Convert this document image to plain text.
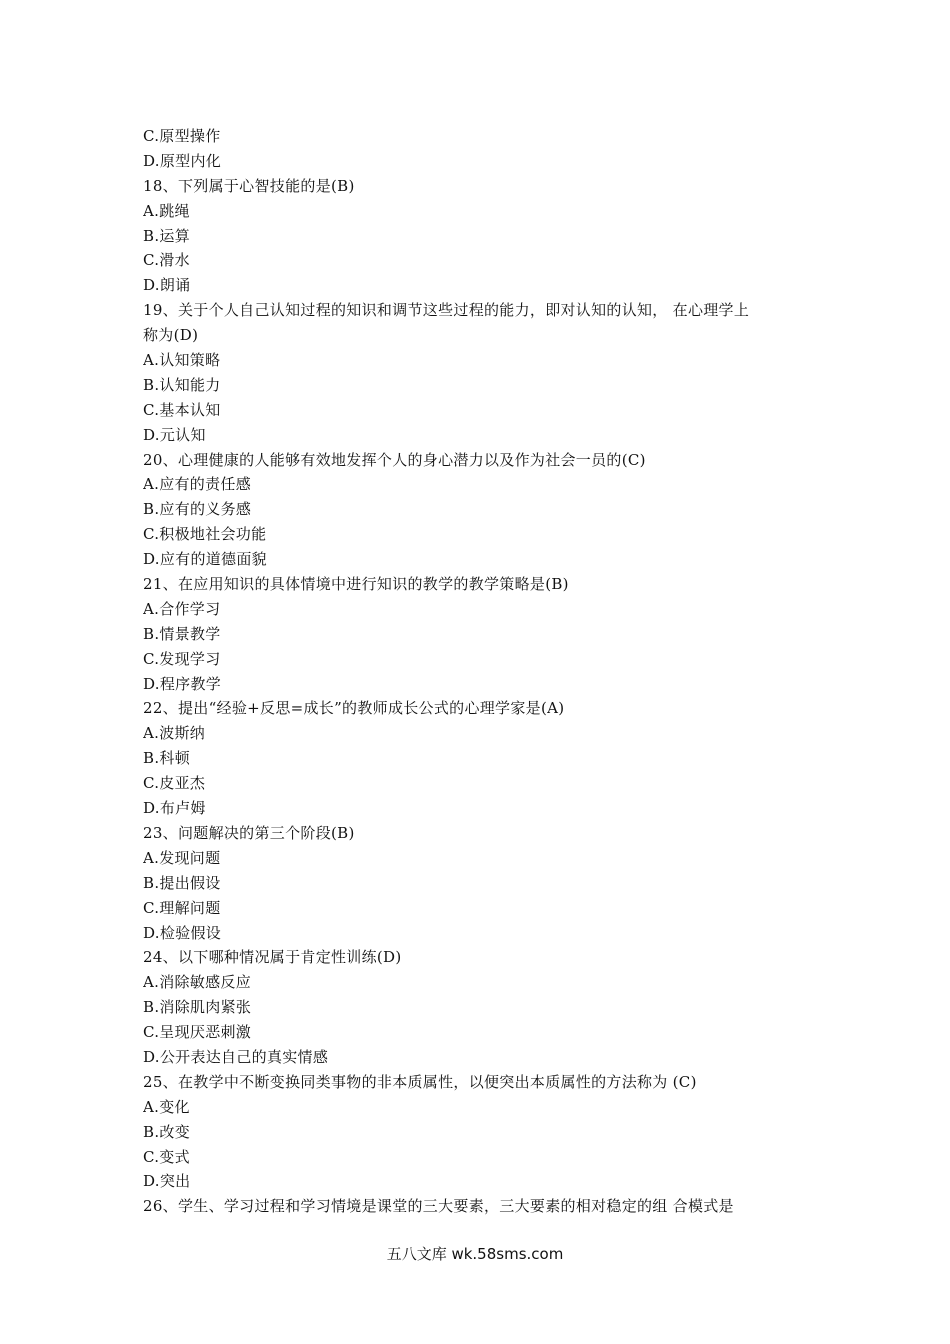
C.原型操作
D.原型内化
18、下列属于心智技能的是(B)
A.跳绳
B.运算
C.滑水
D.朗诵
19、关于个人自己认知过程的知识和调节这些过程的能力，即对认知的认知， 在心理学上
称为(D)
A.认知策略
B.认知能力
C.基本认知
D.元认知
20、心理健康的人能够有效地发挥个人的身心潜力以及作为社会一员的(C)
A.应有的责任感
B.应有的义务感
C.积极地社会功能
D.应有的道德面貌
21、在应用知识的具体情境中进行知识的教学的教学策略是(B)
A.合作学习
B.情景教学
C.发现学习
D.程序教学
22、提出“经验+反思=成长”的教师成长公式的心理学家是(A)
A.波斯纳
B.科顿
C.皮亚杰
D.布卢姆
23、问题解决的第三个阶段(B)
A.发现问题
B.提出假设
C.理解问题
D.检验假设
24、以下哪种情况属于肯定性训练(D)
A.消除敏感反应
B.消除肌肉紧张
C.呈现厌恶刺激
D.公开表达自己的真实情感
25、在教学中不断变换同类事物的非本质属性，以便突出本质属性的方法称为 (C)
A.变化
B.改变
C.变式
D.突出
26、学生、学习过程和学习情境是课堂的三大要素，三大要素的相对稳定的组 合模式是
五八文库 wk.58sms.com
